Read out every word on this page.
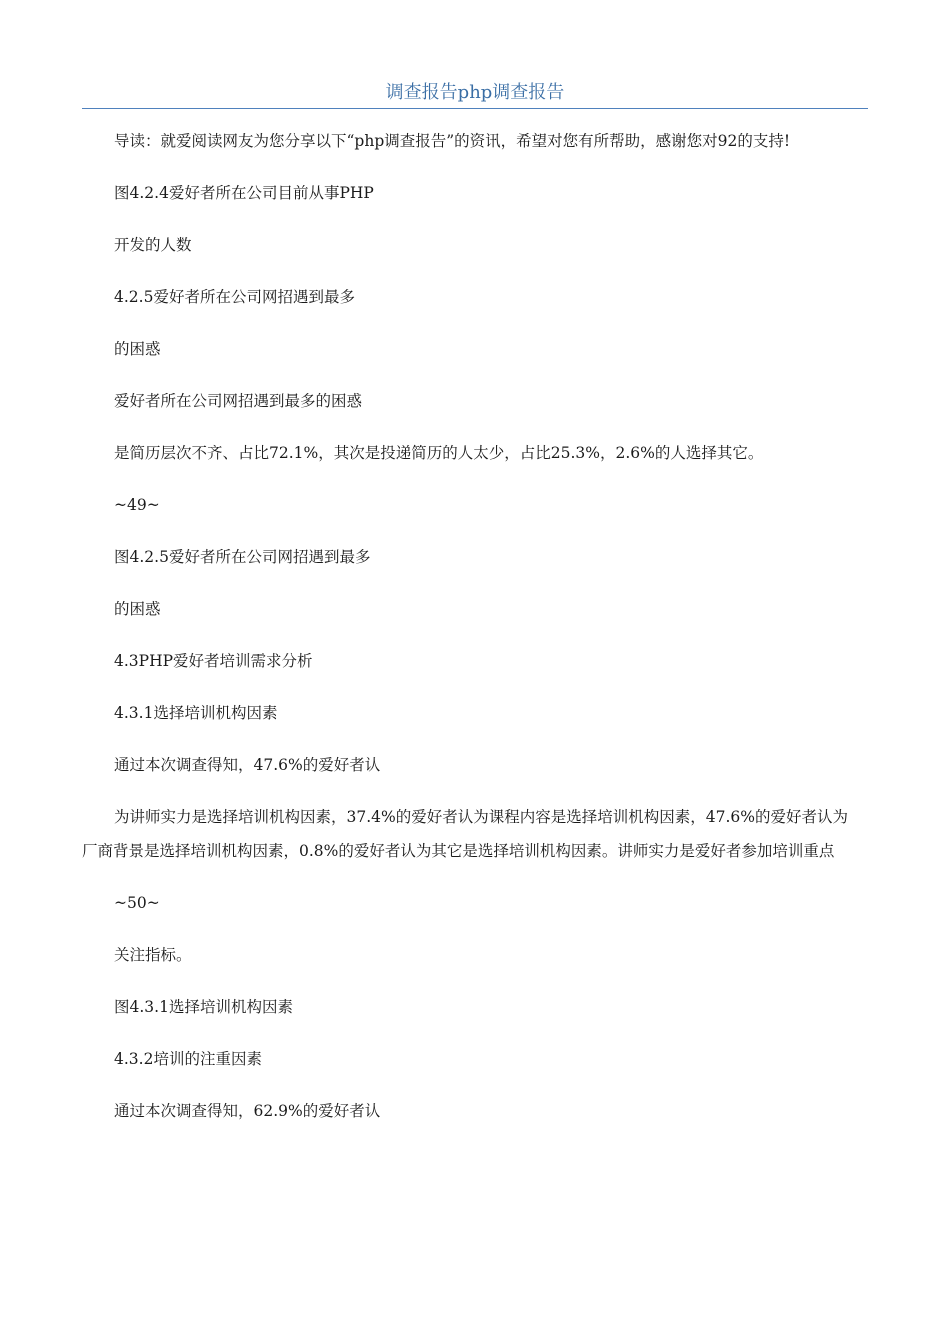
调查报告php调查报告

导读：就爱阅读网友为您分享以下“php调查报告”的资讯，希望对您有所帮助，感谢您对92的支持!

图4.2.4爱好者所在公司目前从事PHP

开发的人数

4.2.5爱好者所在公司网招遇到最多

的困惑

爱好者所在公司网招遇到最多的困惑

是简历层次不齐、占比72.1%，其次是投递简历的人太少，占比25.3%，2.6%的人选择其它。

~49~

图4.2.5爱好者所在公司网招遇到最多

的困惑

4.3PHP爱好者培训需求分析

4.3.1选择培训机构因素

通过本次调查得知，47.6%的爱好者认

为讲师实力是选择培训机构因素，37.4%的爱好者认为课程内容是选择培训机构因素，47.6%的爱好者认为厂商背景是选择培训机构因素，0.8%的爱好者认为其它是选择培训机构因素。讲师实力是爱好者参加培训重点

~50~

关注指标。

图4.3.1选择培训机构因素

4.3.2培训的注重因素

通过本次调查得知，62.9%的爱好者认
